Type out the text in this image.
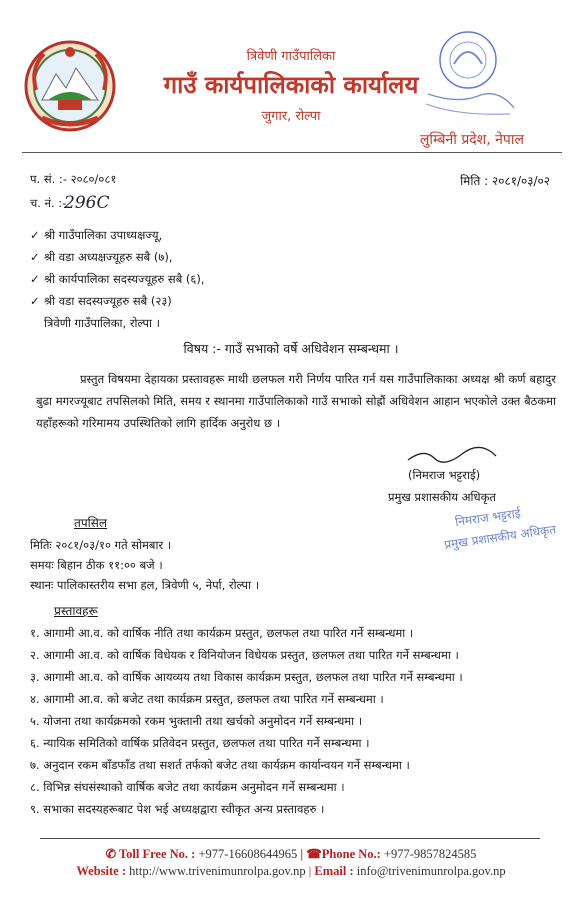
त्रिवेणी गाउँपालिका
गाउँ कार्यपालिकाको कार्यालय
जुगार, रोल्पा
लुम्बिनी प्रदेश, नेपाल
प. सं. :- २०८०/०८१
च. नं. :-
296C
मिति : २०८१/०३/०२
✓ श्री गाउँपालिका उपाध्यक्षज्यू,
✓ श्री वडा अध्यक्षज्यूहरु सबै (७),
✓ श्री कार्यपालिका सदस्यज्यूहरु सबै (६),
✓ श्री वडा सदस्यज्यूहरु सबै (२३)
त्रिवेणी गाउँपालिका, रोल्पा ।
विषय :- गाउँ सभाको वर्षे अधिवेशन सम्बन्धमा ।
प्रस्तुत विषयमा देहायका प्रस्तावहरू माथी छलफल गरी निर्णय पारित गर्न यस गाउँपालिकाका अध्यक्ष श्री कर्ण बहादुर बुढा मगरज्यूबाट तपसिलको मिति, समय र स्थानमा गाउँपालिकाको गाउँ सभाको सोह्रौं अधिवेशन आहान भएकोले उक्त बैठकमा यहाँहरूको गरिमामय उपस्थितिको लागि हार्दिक अनुरोध छ ।
(निमराज भट्टराई)
प्रमुख प्रशासकीय अधिकृत
निमराज भट्टराई
प्रमुख प्रशासकीय अधिकृत
तपसिल
मितिः २०८१/०३/१० गते सोमबार ।
समयः बिहान ठीक ११:०० बजे ।
स्थानः पालिकास्तरीय सभा हल, त्रिवेणी ५, नेर्पा, रोल्पा ।
प्रस्तावहरू
१. आगामी आ.व. को वार्षिक नीति तथा कार्यक्रम प्रस्तुत, छलफल तथा पारित गर्ने सम्बन्धमा ।
२. आगामी आ.व. को वार्षिक विधेयक र विनियोजन विधेयक प्रस्तुत, छलफल तथा पारित गर्ने सम्बन्धमा ।
३. आगामी आ.व. को वार्षिक आयव्यय तथा विकास कार्यक्रम प्रस्तुत, छलफल तथा पारित गर्ने सम्बन्धमा ।
४. आगामी आ.व. को बजेट तथा कार्यक्रम प्रस्तुत, छलफल तथा पारित गर्ने सम्बन्धमा ।
५. योजना तथा कार्यक्रमको रकम भुक्तानी तथा खर्चको अनुमोदन गर्ने सम्बन्धमा ।
६. न्यायिक समितिको वार्षिक प्रतिवेदन प्रस्तुत, छलफल तथा पारित गर्ने सम्बन्धमा ।
७. अनुदान रकम बाँडफाँड तथा सशर्त तर्फको बजेट तथा कार्यक्रम कार्यान्वयन गर्ने सम्बन्धमा ।
८. विभिन्न संघसंस्थाको वार्षिक बजेट तथा कार्यक्रम अनुमोदन गर्ने सम्बन्धमा ।
९. सभाका सदस्यहरूबाट पेश भई अध्यक्षद्वारा स्वीकृत अन्य प्रस्तावहरु ।
✆ Toll Free No. : +977-16608644965 | ☎Phone No.: +977-9857824585
Website : http://www.trivenimunrolpa.gov.np | Email : info@trivenimunrolpa.gov.np
